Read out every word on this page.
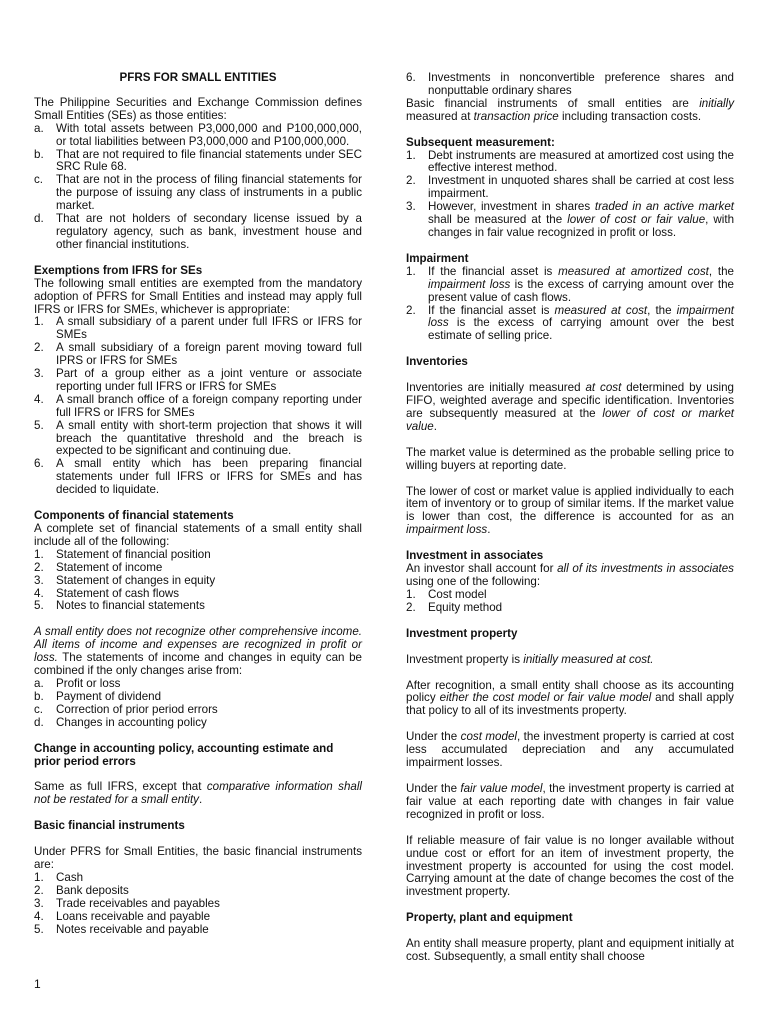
PFRS FOR SMALL ENTITIES

The Philippine Securities and Exchange Commission defines Small Entities (SEs) as those entities:

a. With total assets between P3,000,000 and P100,000,000, or total liabilities between P3,000,000 and P100,000,000.
b. That are not required to file financial statements under SEC SRC Rule 68.
c. That are not in the process of filing financial statements for the purpose of issuing any class of instruments in a public market.
d. That are not holders of secondary license issued by a regulatory agency, such as bank, investment house and other financial institutions.
Exemptions from IFRS for SEs

The following small entities are exempted from the mandatory adoption of PFRS for Small Entities and instead may apply full IFRS or IFRS for SMEs, whichever is appropriate:

1. A small subsidiary of a parent under full IFRS or IFRS for SMEs
2. A small subsidiary of a foreign parent moving toward full IPRS or IFRS for SMEs
3. Part of a group either as a joint venture or associate reporting under full IFRS or IFRS for SMEs
4. A small branch office of a foreign company reporting under full IFRS or IFRS for SMEs
5. A small entity with short-term projection that shows it will breach the quantitative threshold and the breach is expected to be significant and continuing due.
6. A small entity which has been preparing financial statements under full IFRS or IFRS for SMEs and has decided to liquidate.
Components of financial statements

A complete set of financial statements of a small entity shall include all of the following:

1. Statement of financial position
2. Statement of income
3. Statement of changes in equity
4. Statement of cash flows
5. Notes to financial statements

A small entity does not recognize other comprehensive income. All items of income and expenses are recognized in profit or loss. The statements of income and changes in equity can be combined if the only changes arise from:

a. Profit or loss
b. Payment of dividend
c. Correction of prior period errors
d. Changes in accounting policy
Change in accounting policy, accounting estimate and prior period errors

Same as full IFRS, except that comparative information shall not be restated for a small entity.

Basic financial instruments

Under PFRS for Small Entities, the basic financial instruments are:

1. Cash
2. Bank deposits
3. Trade receivables and payables
4. Loans receivable and payable
5. Notes receivable and payable
6. Investments in nonconvertible preference shares and nonputtable ordinary shares

Basic financial instruments of small entities are initially measured at transaction price including transaction costs.

Subsequent measurement:
1. Debt instruments are measured at amortized cost using the effective interest method.
2. Investment in unquoted shares shall be carried at cost less impairment.
3. However, investment in shares traded in an active market shall be measured at the lower of cost or fair value, with changes in fair value recognized in profit or loss.
Impairment
1. If the financial asset is measured at amortized cost, the impairment loss is the excess of carrying amount over the present value of cash flows.
2. If the financial asset is measured at cost, the impairment loss is the excess of carrying amount over the best estimate of selling price.
Inventories

Inventories are initially measured at cost determined by using FIFO, weighted average and specific identification. Inventories are subsequently measured at the lower of cost or market value.

The market value is determined as the probable selling price to willing buyers at reporting date.

The lower of cost or market value is applied individually to each item of inventory or to group of similar items. If the market value is lower than cost, the difference is accounted for as an impairment loss.

Investment in associates

An investor shall account for all of its investments in associates using one of the following:

1. Cost model
2. Equity method
Investment property

Investment property is initially measured at cost.

After recognition, a small entity shall choose as its accounting policy either the cost model or fair value model and shall apply that policy to all of its investments property.

Under the cost model, the investment property is carried at cost less accumulated depreciation and any accumulated impairment losses.

Under the fair value model, the investment property is carried at fair value at each reporting date with changes in fair value recognized in profit or loss.

If reliable measure of fair value is no longer available without undue cost or effort for an item of investment property, the investment property is accounted for using the cost model. Carrying amount at the date of change becomes the cost of the investment property.

Property, plant and equipment

An entity shall measure property, plant and equipment initially at cost. Subsequently, a small entity shall choose

1
